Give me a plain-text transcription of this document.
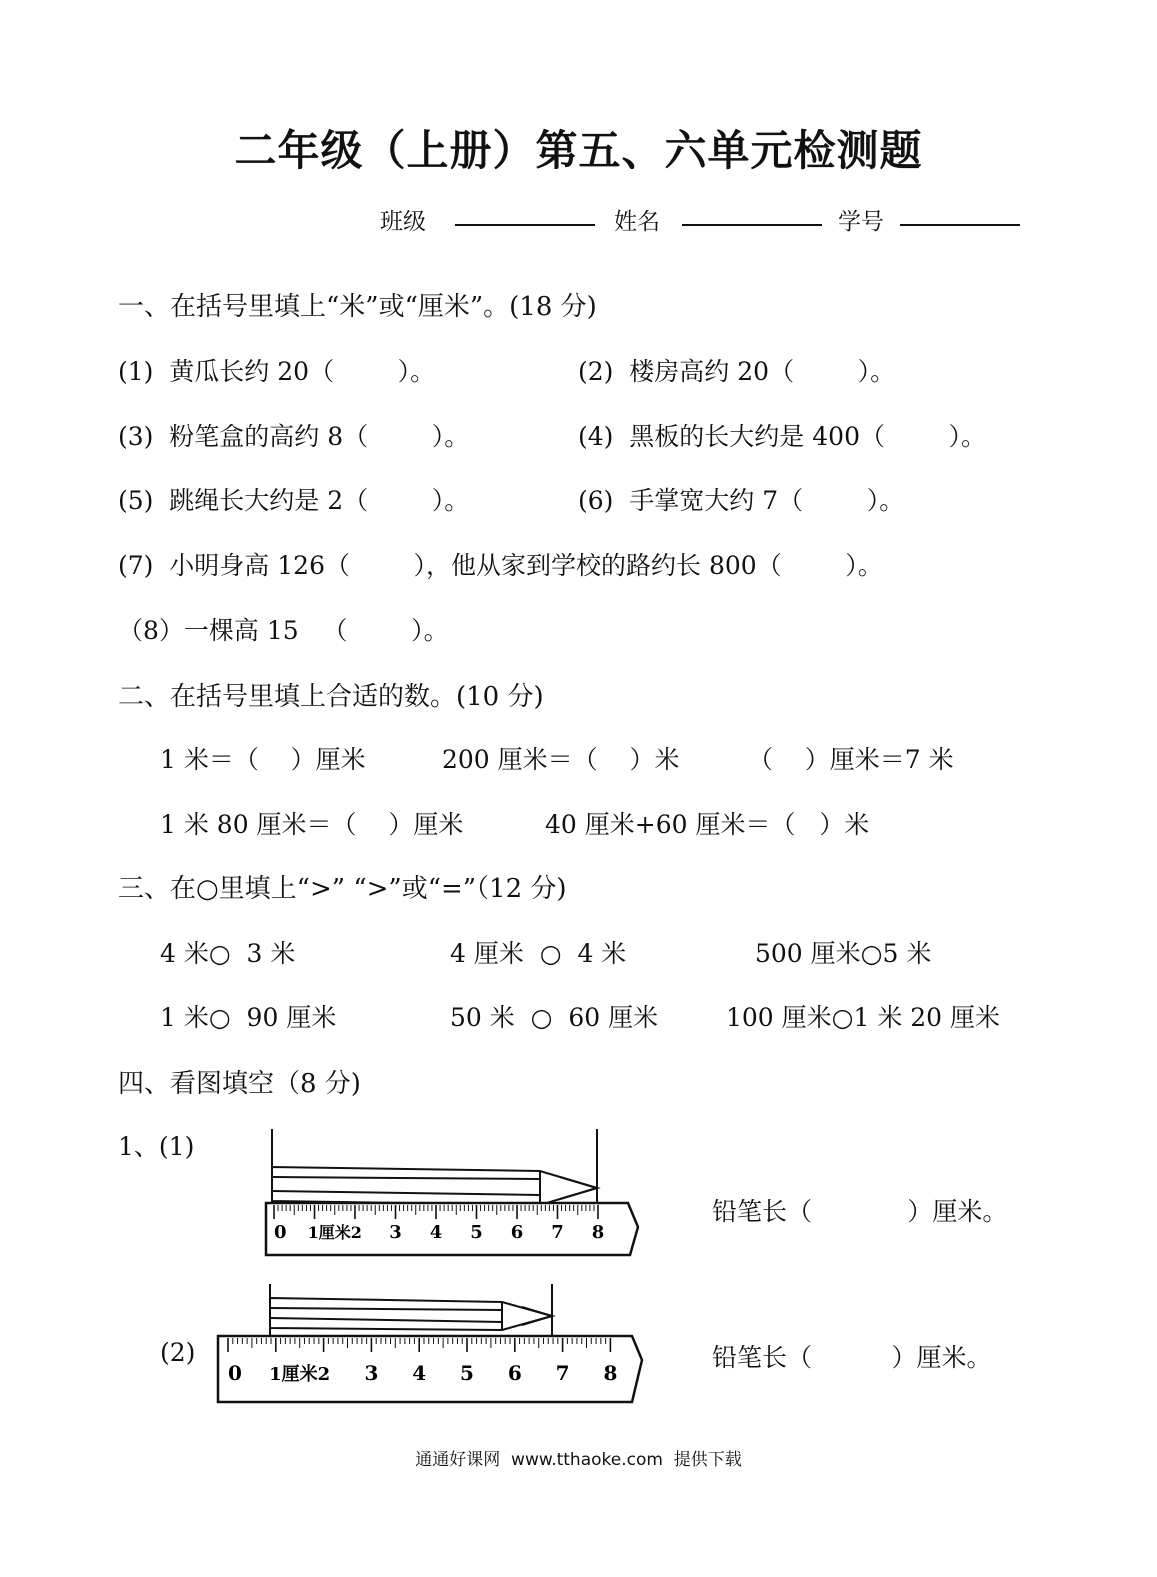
二年级（上册）第五、六单元检测题
班级	姓名	学号
一、在括号里填上“米”或“厘米”。(18 分)
(1)  黄瓜长约 20（        ）。	(2)  楼房高约 20（        ）。
(3)  粉笔盒的高约 8（        ）。	(4)  黑板的长大约是 400（        ）。
(5)  跳绳长大约是 2（        ）。	(6)  手掌宽大约 7（        ）。
(7)  小明身高 126（        ），他从家到学校的路约长 800（        ）。
（8）一棵高 15   （        ）。
二、在括号里填上合适的数。(10 分)
1 米＝（    ）厘米	200 厘米＝（    ）米	（    ）厘米＝7 米
1 米 80 厘米＝（    ）厘米	40 厘米+60 厘米＝（   ）米
三、在○里填上“>” “>”或“=”（12 分)
4 米○  3 米	4 厘米  ○  4 米	500 厘米○5 米
1 米○  90 厘米	50 米  ○  60 厘米	100 厘米○1 米 20 厘米
四、看图填空（8 分)
1、(1)
(2)
铅笔长（            ）厘米。
铅笔长（          ）厘米。
0 1厘米2 3 4 5 6 7 8
0 1厘米2 3 4 5 6 7 8
通通好课网  www.tthaoke.com  提供下载
